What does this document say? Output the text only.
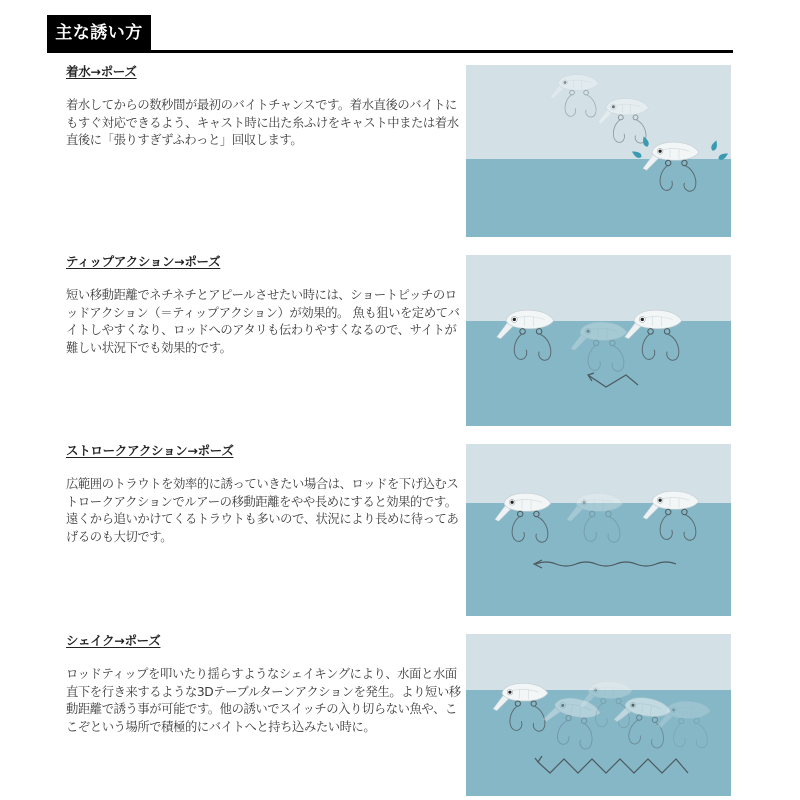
主な誘い方
着水→ポーズ

着水してからの数秒間が最初のバイトチャンスです。着水直後のバイトにもすぐ対応できるよう、キャスト時に出た糸ふけをキャスト中または着水直後に「張りすぎずふわっと」回収します。

ティップアクション→ポーズ

短い移動距離でネチネチとアピールさせたい時には、ショートピッチのロッドアクション（＝ティップアクション）が効果的。 魚も狙いを定めてバイトしやすくなり、ロッドへのアタリも伝わりやすくなるので、サイトが難しい状況下でも効果的です。

ストロークアクション→ポーズ

広範囲のトラウトを効率的に誘っていきたい場合は、ロッドを下げ込むストロークアクションでルアーの移動距離をやや長めにすると効果的です。遠くから追いかけてくるトラウトも多いので、状況により長めに待ってあげるのも大切です。

シェイク→ポーズ

ロッドティップを叩いたり揺らすようなシェイキングにより、水面と水面直下を行き来するような3Dテーブルターンアクションを発生。より短い移動距離で誘う事が可能です。他の誘いでスイッチの入り切らない魚や、ここぞという場所で積極的にバイトへと持ち込みたい時に。
